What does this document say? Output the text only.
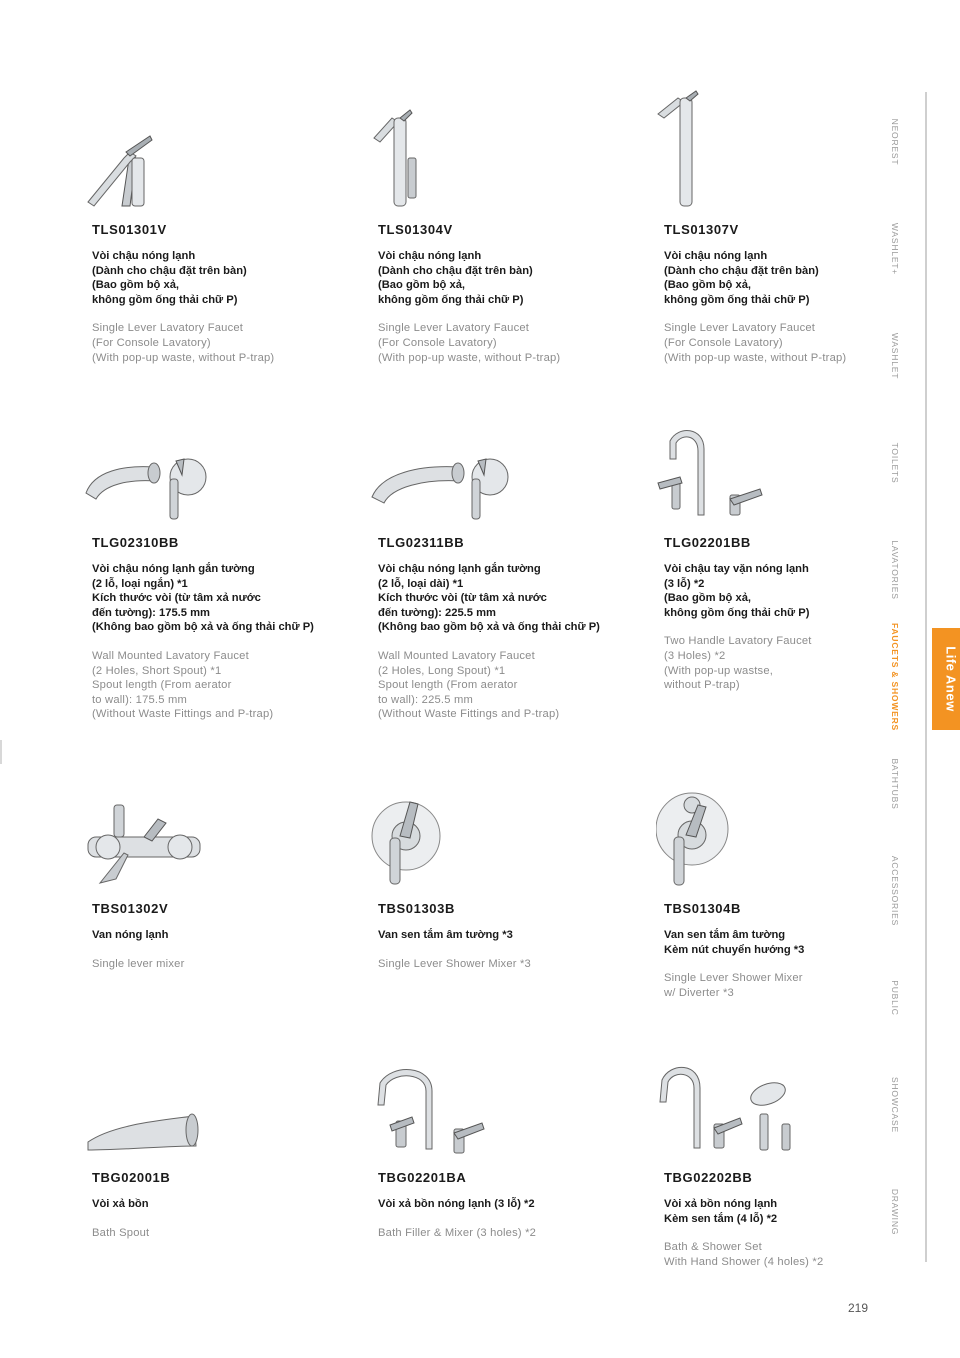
TLS01301V
Vòi chậu nóng lạnh
(Dành cho chậu đặt trên bàn)
(Bao gồm bộ xả,
không gồm ống thải chữ P)
Single Lever Lavatory Faucet
(For Console Lavatory)
(With pop-up waste, without P-trap)
TLS01304V
Vòi chậu nóng lạnh
(Dành cho chậu đặt trên bàn)
(Bao gồm bộ xả,
không gồm ống thải chữ P)
Single Lever Lavatory Faucet
(For Console Lavatory)
(With pop-up waste, without P-trap)
TLS01307V
Vòi chậu nóng lạnh
(Dành cho chậu đặt trên bàn)
(Bao gồm bộ xả,
không gồm ống thải chữ P)
Single Lever Lavatory Faucet
(For Console Lavatory)
(With pop-up waste, without P-trap)
TLG02310BB
Vòi chậu nóng lạnh gắn tường
(2 lỗ, loại ngắn) *1
Kích thước vòi (từ tâm xả nước
đến tường): 175.5 mm
(Không bao gồm bộ xả và ống thải chữ P)
Wall Mounted Lavatory Faucet
(2 Holes, Short Spout) *1
Spout length (From aerator
to wall): 175.5 mm
(Without Waste Fittings and P-trap)
TLG02311BB
Vòi chậu nóng lạnh gắn tường
(2 lỗ, loại dài) *1
Kích thước vòi (từ tâm xả nước
đến tường): 225.5 mm
(Không bao gồm bộ xả và ống thải chữ P)
Wall Mounted Lavatory Faucet
(2 Holes, Long Spout) *1
Spout length (From aerator
to wall): 225.5 mm
(Without Waste Fittings and P-trap)
TLG02201BB
Vòi chậu tay vặn nóng lạnh
(3 lỗ) *2
(Bao gồm bộ xả,
không gồm ống thải chữ P)
Two Handle Lavatory Faucet
(3 Holes) *2
(With pop-up wastse,
without P-trap)
TBS01302V
Van nóng lạnh
Single lever mixer
TBS01303B
Van sen tắm âm tường *3
Single Lever Shower Mixer *3
TBS01304B
Van sen tắm âm tường
Kèm nút chuyển hướng *3
Single Lever Shower Mixer
w/ Diverter *3
TBG02001B
Vòi xả bồn
Bath Spout
TBG02201BA
Vòi xả bồn nóng lạnh (3 lỗ) *2
Bath Filler & Mixer (3 holes) *2
TBG02202BB
Vòi xả bồn nóng lạnh
Kèm sen tắm (4 lỗ) *2
Bath & Shower Set
With Hand Shower (4 holes) *2
NEOREST
WASHLET+
WASHLET
TOILETS
LAVATORIES
FAUCETS & SHOWERS
BATHTUBS
ACCESSORIES
PUBLIC
SHOWCASE
DRAWING
Life Anew
219
